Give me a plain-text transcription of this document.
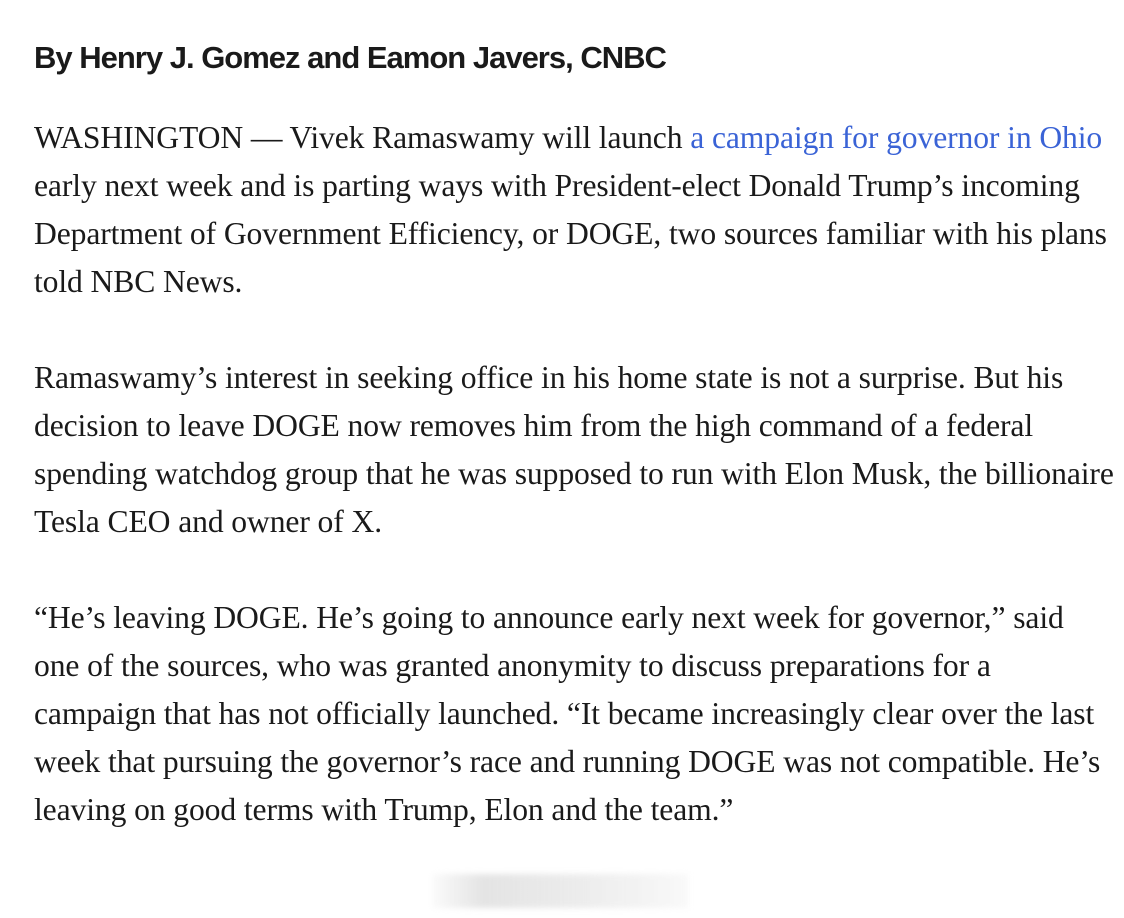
By Henry J. Gomez and Eamon Javers, CNBC

WASHINGTON — Vivek Ramaswamy will launch a campaign for governor in Ohio early next week and is parting ways with President-elect Donald Trump’s incoming Department of Government Efficiency, or DOGE, two sources familiar with his plans told NBC News.

Ramaswamy’s interest in seeking office in his home state is not a surprise. But his decision to leave DOGE now removes him from the high command of a federal spending watchdog group that he was supposed to run with Elon Musk, the billionaire Tesla CEO and owner of X.

“He’s leaving DOGE. He’s going to announce early next week for governor,” said one of the sources, who was granted anonymity to discuss preparations for a campaign that has not officially launched. “It became increasingly clear over the last week that pursuing the governor’s race and running DOGE was not compatible. He’s leaving on good terms with Trump, Elon and the team.”
